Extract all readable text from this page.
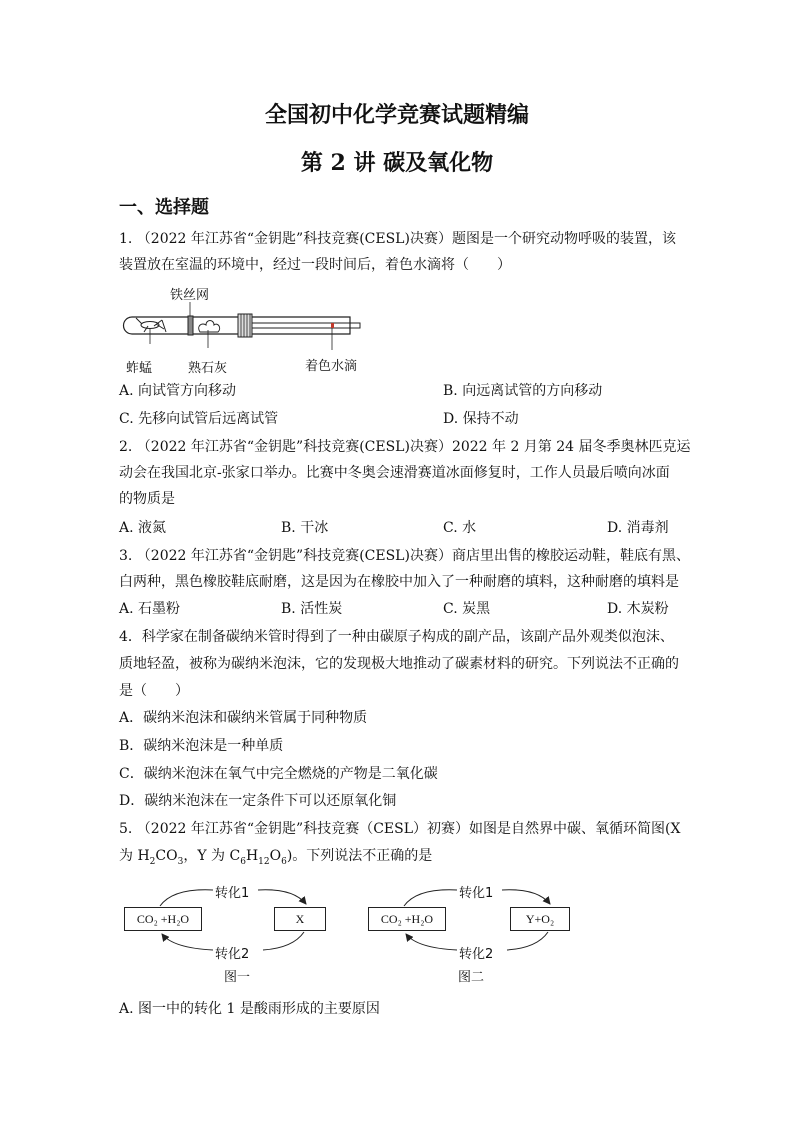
全国初中化学竞赛试题精编
第 2 讲 碳及氧化物
一、选择题
1. （2022 年江苏省“金钥匙”科技竞赛(CESL)决赛）题图是一个研究动物呼吸的装置，该
装置放在室温的环境中，经过一段时间后，着色水滴将（　　）
铁丝网
蚱蜢	熟石灰	着色水滴
A. 向试管方向移动	B. 向远离试管的方向移动
C. 先移向试管后远离试管	D. 保持不动
2. （2022 年江苏省“金钥匙”科技竞赛(CESL)决赛）2022 年 2 月第 24 届冬季奥林匹克运
动会在我国北京-张家口举办。比赛中冬奥会速滑赛道冰面修复时，工作人员最后喷向冰面
的物质是
A. 液氮	B. 干冰	C. 水	D. 消毒剂
3. （2022 年江苏省“金钥匙”科技竞赛(CESL)决赛）商店里出售的橡胶运动鞋，鞋底有黑、
白两种，黑色橡胶鞋底耐磨，这是因为在橡胶中加入了一种耐磨的填料，这种耐磨的填料是
A. 石墨粉	B. 活性炭	C. 炭黑	D. 木炭粉
4．科学家在制备碳纳米管时得到了一种由碳原子构成的副产品，该副产品外观类似泡沫、
质地轻盈，被称为碳纳米泡沫，它的发现极大地推动了碳素材料的研究。下列说法不正确的
是（　　）
A．碳纳米泡沫和碳纳米管属于同种物质
B．碳纳米泡沫是一种单质
C．碳纳米泡沫在氧气中完全燃烧的产物是二氧化碳
D．碳纳米泡沫在一定条件下可以还原氧化铜
5. （2022 年江苏省“金钥匙”科技竞赛（CESL）初赛）如图是自然界中碳、氧循环简图(X
为 $H_2CO_3$，Y 为 $C_6H_{12}O_6$)。下列说法不正确的是
CO₂ +H₂O	X
转化1
转化2
图一
CO₂ +H₂O	Y+O₂
转化1
转化2
图二
A. 图一中的转化 1 是酸雨形成的主要原因
